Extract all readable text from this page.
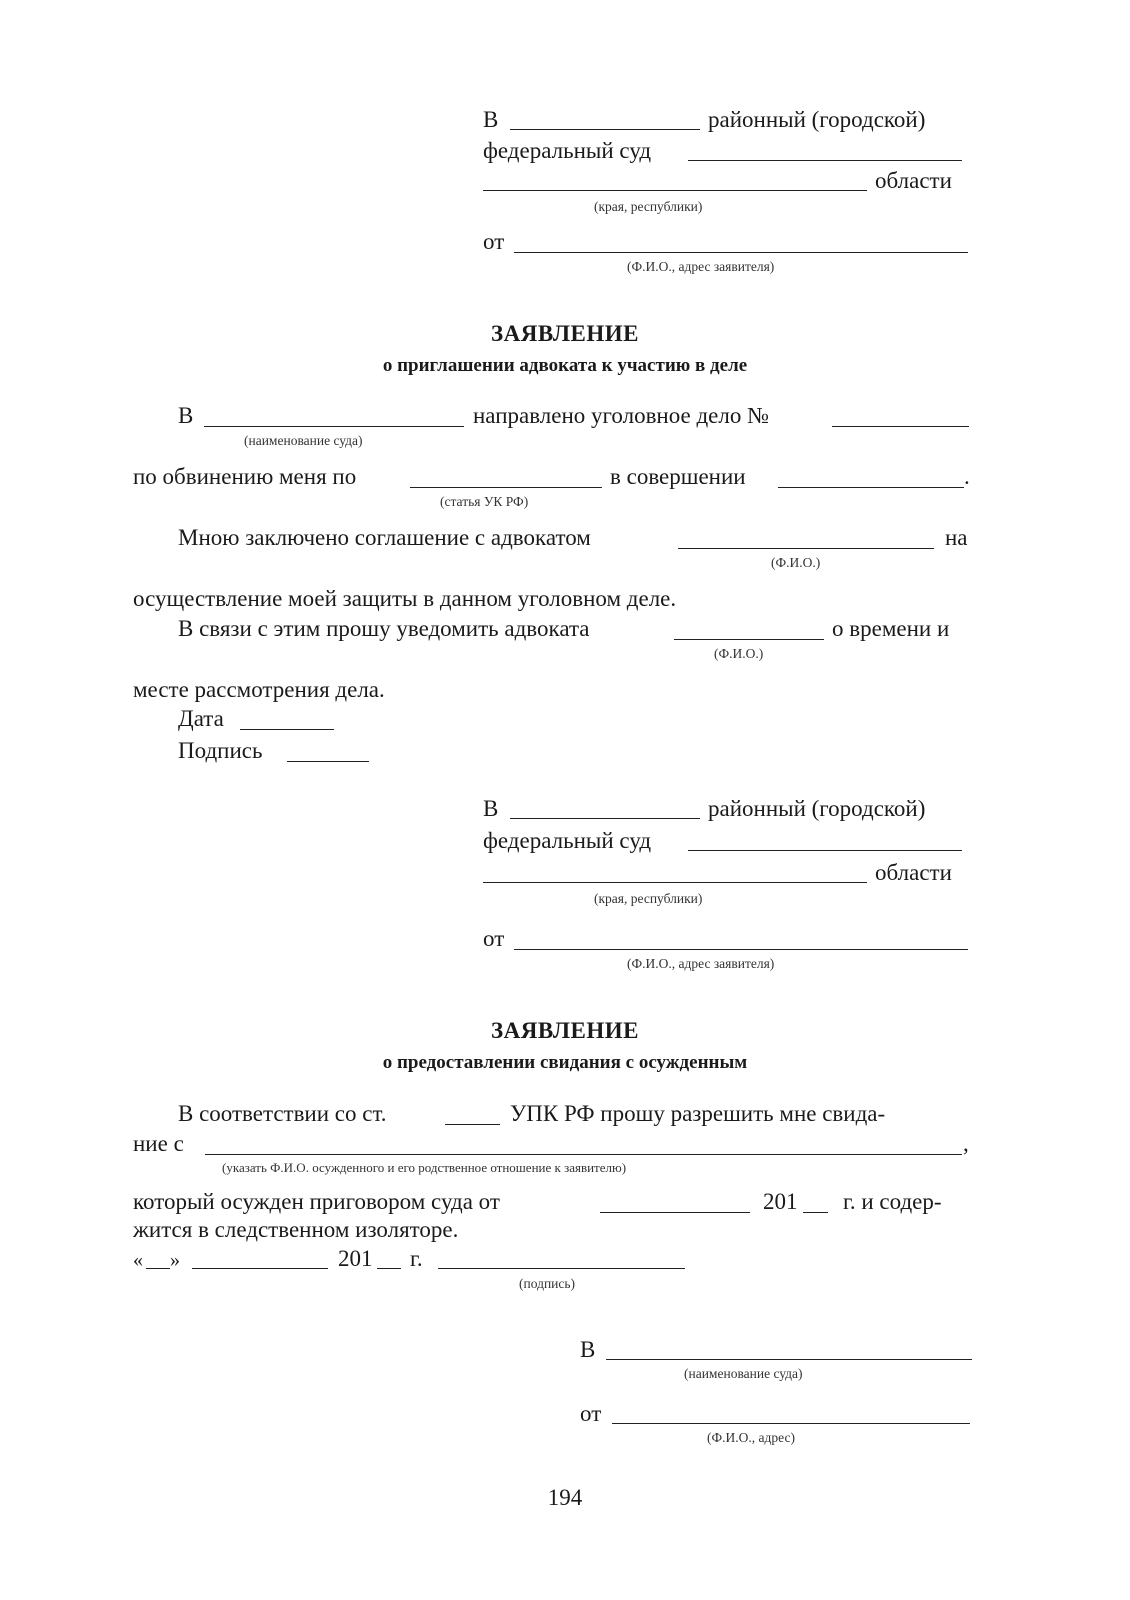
В	районный (городской)
федеральный суд
области
(края, республики)
от
(Ф.И.О., адрес заявителя)
ЗАЯВЛЕНИЕ
о приглашении адвоката к участию в деле
В	направлено уголовное дело №
(наименование суда)
по обвинению меня по	в совершении	.
(статья УК РФ)
Мною заключено соглашение с адвокатом	на
(Ф.И.О.)
осуществление моей защиты в данном уголовном деле.
В связи с этим прошу уведомить адвоката	о времени и
(Ф.И.О.)
месте рассмотрения дела.
Дата
Подпись
В	районный (городской)
федеральный суд
области
(края, республики)
от
(Ф.И.О., адрес заявителя)
ЗАЯВЛЕНИЕ
о предоставлении свидания с осужденным
В соответствии со ст.	УПК РФ прошу разрешить мне свида-
ние с	,
(указать Ф.И.О. осужденного и его родственное отношение к заявителю)
который осужден приговором суда от	201 г. и содер-
жится в следственном изоляторе.
« »	201 г.
(подпись)
В
(наименование суда)
от
(Ф.И.О., адрес)
194
